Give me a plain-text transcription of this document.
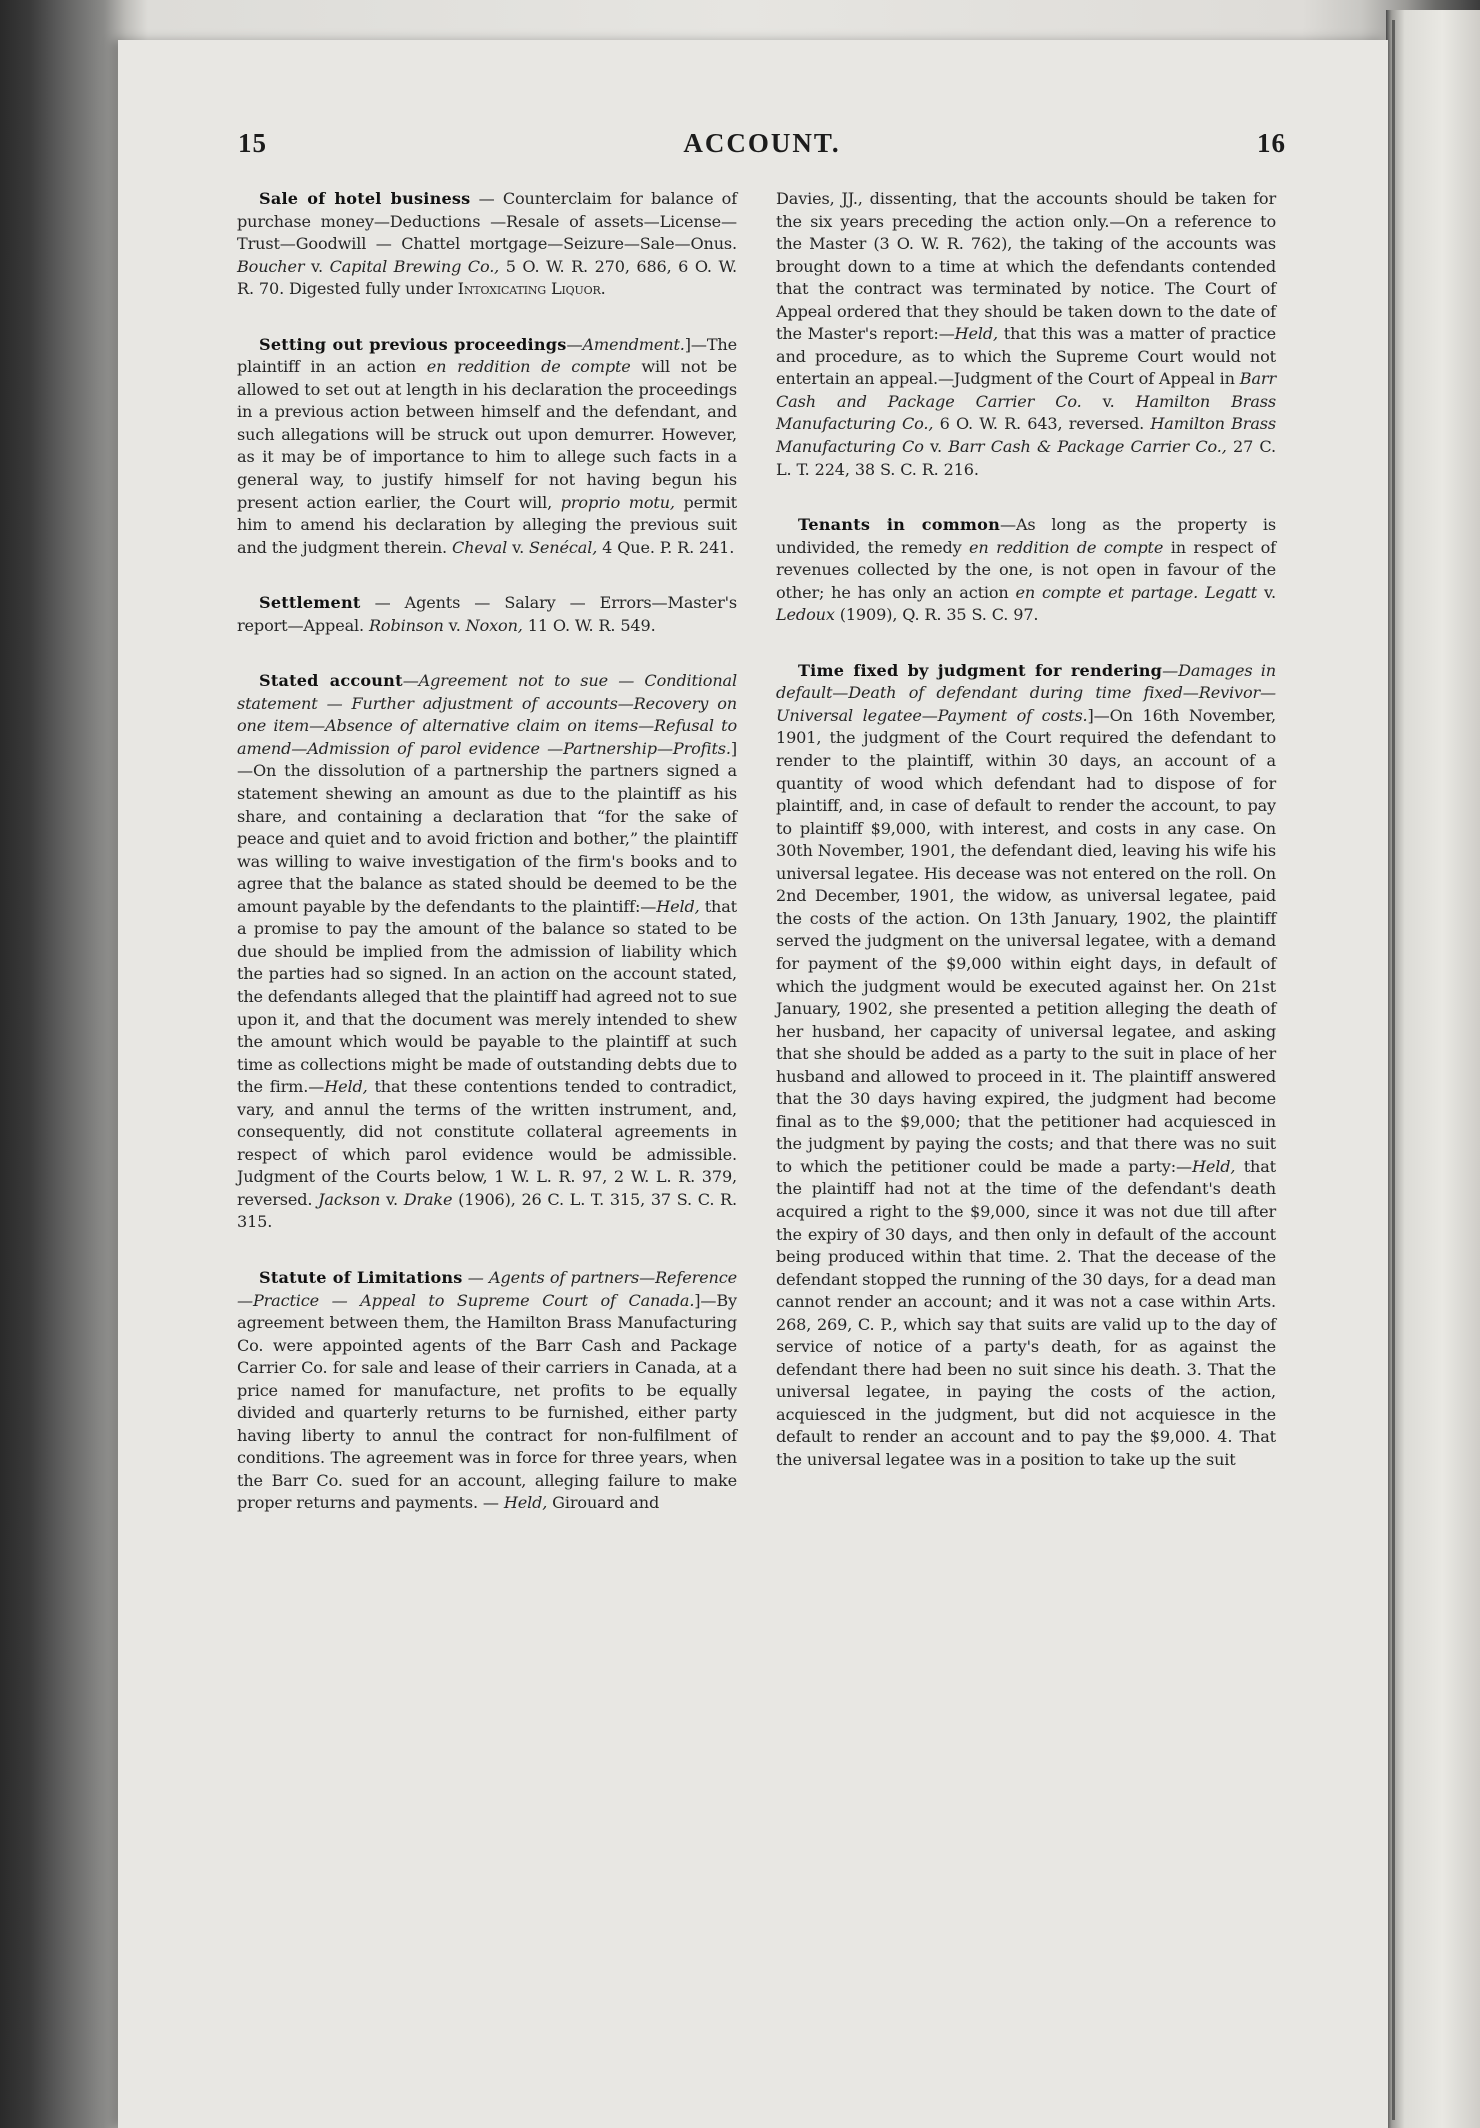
15	ACCOUNT.	16

Sale of hotel business — Counterclaim for balance of purchase money—Deductions —Resale of assets—License—Trust—Goodwill — Chattel mortgage—Seizure—Sale—Onus. Boucher v. Capital Brewing Co., 5 O. W. R. 270, 686, 6 O. W. R. 70. Digested fully under Intoxicating Liquor.

Setting out previous proceedings—Amendment.]—The plaintiff in an action en reddition de compte will not be allowed to set out at length in his declaration the proceedings in a previous action between himself and the defendant, and such allegations will be struck out upon demurrer. However, as it may be of importance to him to allege such facts in a general way, to justify himself for not having begun his present action earlier, the Court will, proprio motu, permit him to amend his declaration by alleging the previous suit and the judgment therein. Cheval v. Senécal, 4 Que. P. R. 241.

Settlement — Agents — Salary — Errors—Master's report—Appeal. Robinson v. Noxon, 11 O. W. R. 549.

Stated account—Agreement not to sue — Conditional statement — Further adjustment of accounts—Recovery on one item—Absence of alternative claim on items—Refusal to amend—Admission of parol evidence —Partnership—Profits.]—On the dissolution of a partnership the partners signed a statement shewing an amount as due to the plaintiff as his share, and containing a declaration that “for the sake of peace and quiet and to avoid friction and bother,” the plaintiff was willing to waive investigation of the firm's books and to agree that the balance as stated should be deemed to be the amount payable by the defendants to the plaintiff:—Held, that a promise to pay the amount of the balance so stated to be due should be implied from the admission of liability which the parties had so signed. In an action on the account stated, the defendants alleged that the plaintiff had agreed not to sue upon it, and that the document was merely intended to shew the amount which would be payable to the plaintiff at such time as collections might be made of outstanding debts due to the firm.—Held, that these contentions tended to contradict, vary, and annul the terms of the written instrument, and, consequently, did not constitute collateral agreements in respect of which parol evidence would be admissible. Judgment of the Courts below, 1 W. L. R. 97, 2 W. L. R. 379, reversed. Jackson v. Drake (1906), 26 C. L. T. 315, 37 S. C. R. 315.

Statute of Limitations — Agents of partners—Reference—Practice — Appeal to Supreme Court of Canada.]—By agreement between them, the Hamilton Brass Manufacturing Co. were appointed agents of the Barr Cash and Package Carrier Co. for sale and lease of their carriers in Canada, at a price named for manufacture, net profits to be equally divided and quarterly returns to be furnished, either party having liberty to annul the contract for non-fulfilment of conditions. The agreement was in force for three years, when the Barr Co. sued for an account, alleging failure to make proper returns and payments. — Held, Girouard and

Davies, JJ., dissenting, that the accounts should be taken for the six years preceding the action only.—On a reference to the Master (3 O. W. R. 762), the taking of the accounts was brought down to a time at which the defendants contended that the contract was terminated by notice. The Court of Appeal ordered that they should be taken down to the date of the Master's report:—Held, that this was a matter of practice and procedure, as to which the Supreme Court would not entertain an appeal.—Judgment of the Court of Appeal in Barr Cash and Package Carrier Co. v. Hamilton Brass Manufacturing Co., 6 O. W. R. 643, reversed. Hamilton Brass Manufacturing Co v. Barr Cash & Package Carrier Co., 27 C. L. T. 224, 38 S. C. R. 216.

Tenants in common—As long as the property is undivided, the remedy en reddition de compte in respect of revenues collected by the one, is not open in favour of the other; he has only an action en compte et partage. Legatt v. Ledoux (1909), Q. R. 35 S. C. 97.

Time fixed by judgment for rendering—Damages in default—Death of defendant during time fixed—Revivor—Universal legatee—Payment of costs.]—On 16th November, 1901, the judgment of the Court required the defendant to render to the plaintiff, within 30 days, an account of a quantity of wood which defendant had to dispose of for plaintiff, and, in case of default to render the account, to pay to plaintiff $9,000, with interest, and costs in any case. On 30th November, 1901, the defendant died, leaving his wife his universal legatee. His decease was not entered on the roll. On 2nd December, 1901, the widow, as universal legatee, paid the costs of the action. On 13th January, 1902, the plaintiff served the judgment on the universal legatee, with a demand for payment of the $9,000 within eight days, in default of which the judgment would be executed against her. On 21st January, 1902, she presented a petition alleging the death of her husband, her capacity of universal legatee, and asking that she should be added as a party to the suit in place of her husband and allowed to proceed in it. The plaintiff answered that the 30 days having expired, the judgment had become final as to the $9,000; that the petitioner had acquiesced in the judgment by paying the costs; and that there was no suit to which the petitioner could be made a party:—Held, that the plaintiff had not at the time of the defendant's death acquired a right to the $9,000, since it was not due till after the expiry of 30 days, and then only in default of the account being produced within that time. 2. That the decease of the defendant stopped the running of the 30 days, for a dead man cannot render an account; and it was not a case within Arts. 268, 269, C. P., which say that suits are valid up to the day of service of notice of a party's death, for as against the defendant there had been no suit since his death. 3. That the universal legatee, in paying the costs of the action, acquiesced in the judgment, but did not acquiesce in the default to render an account and to pay the $9,000. 4. That the universal legatee was in a position to take up the suit
